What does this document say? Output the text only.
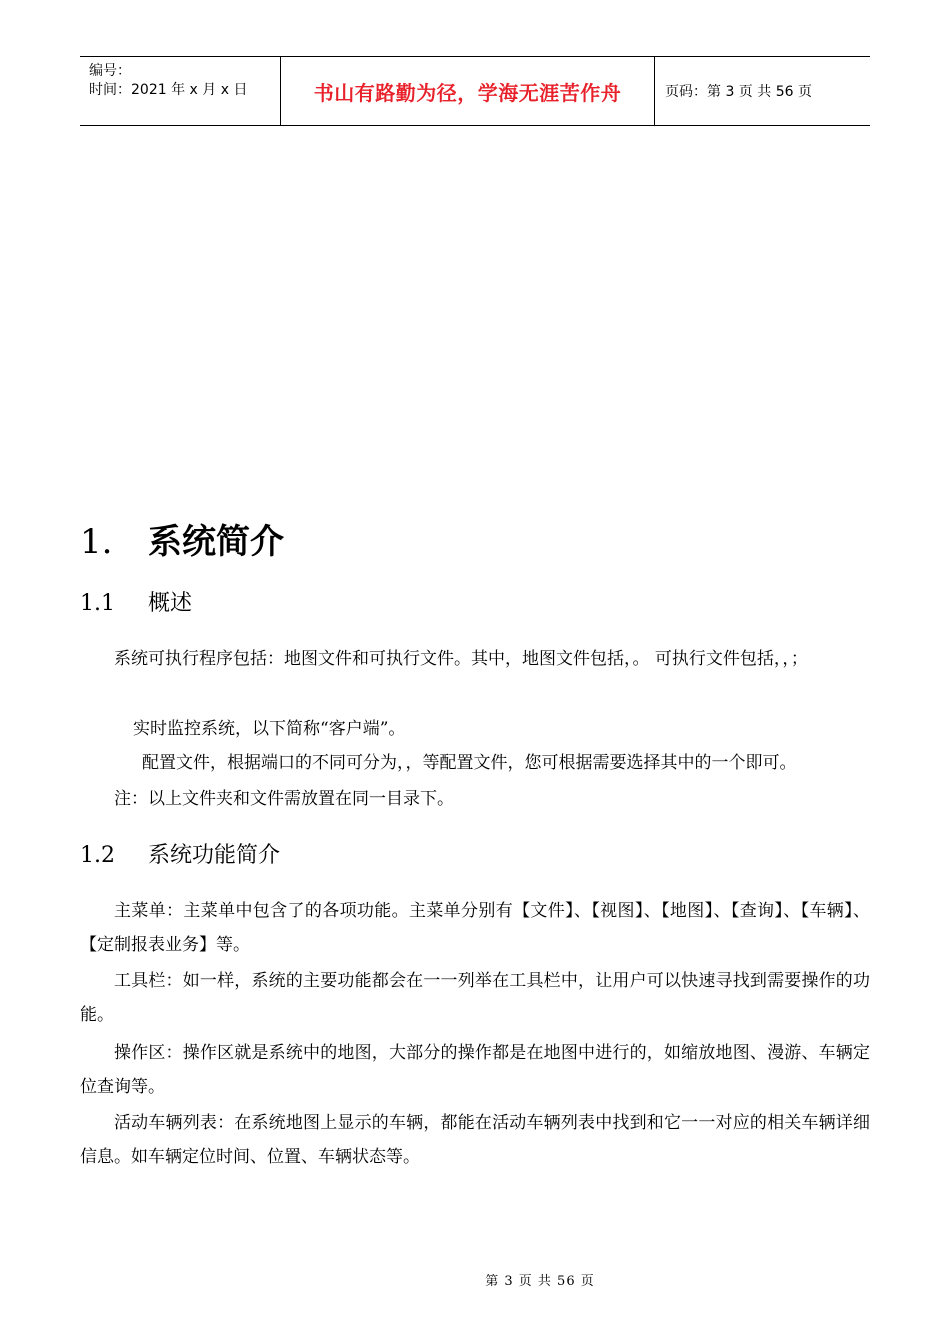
编号：
时间：2021 年 x 月 x 日	书山有路勤为径，学海无涯苦作舟	页码：第 3 页 共 56 页
1.	系统简介
1.1	概述

系统可执行程序包括：地图文件和可执行文件。其中，地图文件包括，。 可执行文件包括，，；

实时监控系统，以下简称“客户端”。

配置文件，根据端口的不同可分为，，等配置文件，您可根据需要选择其中的一个即可。

注：以上文件夹和文件需放置在同一目录下。

1.2	系统功能简介

主菜单：主菜单中包含了的各项功能。主菜单分别有【文件】、【视图】、【地图】、【查询】、【车辆】、【定制报表业务】等。

工具栏：如一样，系统的主要功能都会在一一列举在工具栏中，让用户可以快速寻找到需要操作的功能。

操作区：操作区就是系统中的地图，大部分的操作都是在地图中进行的，如缩放地图、漫游、车辆定位查询等。

活动车辆列表：在系统地图上显示的车辆，都能在活动车辆列表中找到和它一一对应的相关车辆详细信息。如车辆定位时间、位置、车辆状态等。

第 3 页 共 56 页
